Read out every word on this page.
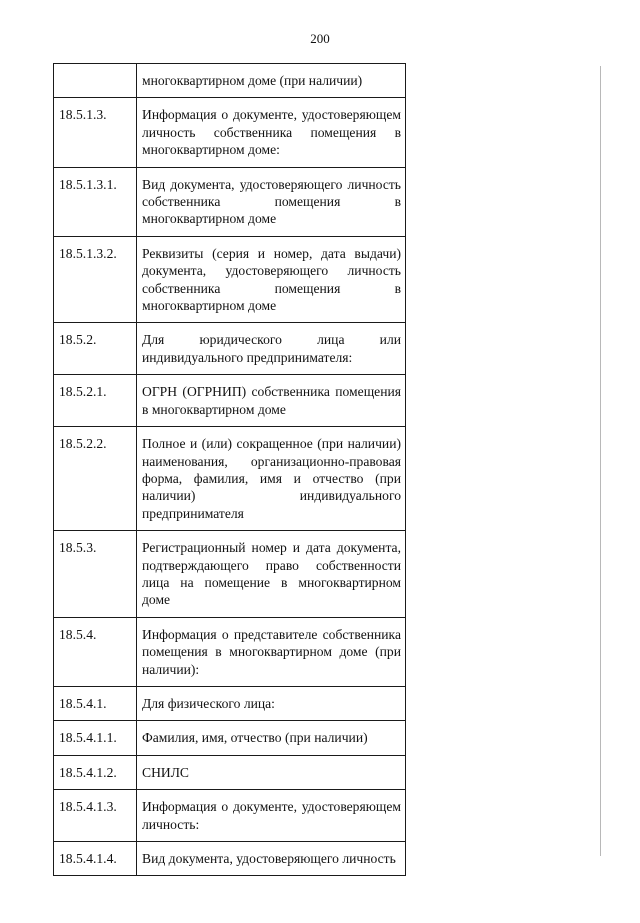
200
	многоквартирном доме (при наличии)
18.5.1.3.	Информация о документе, удостоверяющем личность собственника помещения в многоквартирном доме:
18.5.1.3.1.	Вид документа, удостоверяющего личность собственника помещения в многоквартирном доме
18.5.1.3.2.	Реквизиты (серия и номер, дата выдачи) документа, удостоверяющего личность собственника помещения в многоквартирном доме
18.5.2.	Для юридического лица или индивидуального предпринимателя:
18.5.2.1.	ОГРН (ОГРНИП) собственника помещения в многоквартирном доме
18.5.2.2.	Полное и (или) сокращенное (при наличии) наименования, организационно-правовая форма, фамилия, имя и отчество (при наличии) индивидуального предпринимателя
18.5.3.	Регистрационный номер и дата документа, подтверждающего право собственности лица на помещение в многоквартирном доме
18.5.4.	Информация о представителе собственника помещения в многоквартирном доме (при наличии):
18.5.4.1.	Для физического лица:
18.5.4.1.1.	Фамилия, имя, отчество (при наличии)
18.5.4.1.2.	СНИЛС
18.5.4.1.3.	Информация о документе, удостоверяющем личность:
18.5.4.1.4.	Вид документа, удостоверяющего личность
